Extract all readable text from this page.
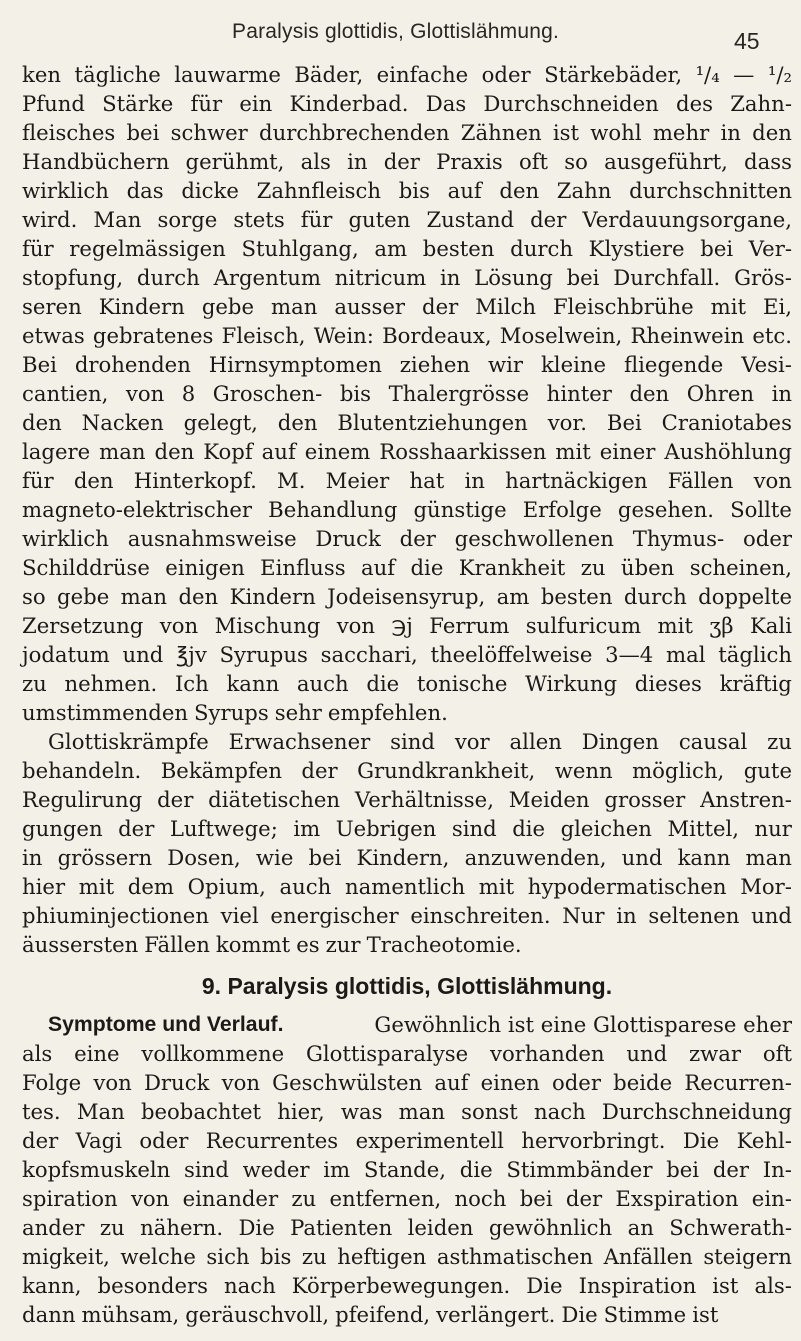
Paralysis glottidis, Glottislähmung.	45
ken tägliche lauwarme Bäder, einfache oder Stärkebäder, ¹/₄ — ¹/₂
Pfund Stärke für ein Kinderbad. Das Durchschneiden des Zahn-
fleisches bei schwer durchbrechenden Zähnen ist wohl mehr in den
Handbüchern gerühmt, als in der Praxis oft so ausgeführt, dass
wirklich das dicke Zahnfleisch bis auf den Zahn durchschnitten
wird. Man sorge stets für guten Zustand der Verdauungsorgane,
für regelmässigen Stuhlgang, am besten durch Klystiere bei Ver-
stopfung, durch Argentum nitricum in Lösung bei Durchfall. Grös-
seren Kindern gebe man ausser der Milch Fleischbrühe mit Ei,
etwas gebratenes Fleisch, Wein: Bordeaux, Moselwein, Rheinwein etc.
Bei drohenden Hirnsymptomen ziehen wir kleine fliegende Vesi-
cantien, von 8 Groschen- bis Thalergrösse hinter den Ohren in
den Nacken gelegt, den Blutentziehungen vor. Bei Craniotabes
lagere man den Kopf auf einem Rosshaarkissen mit einer Aushöhlung
für den Hinterkopf. M. Meier hat in hartnäckigen Fällen von
magneto-elektrischer Behandlung günstige Erfolge gesehen. Sollte
wirklich ausnahmsweise Druck der geschwollenen Thymus- oder
Schilddrüse einigen Einfluss auf die Krankheit zu üben scheinen,
so gebe man den Kindern Jodeisensyrup, am besten durch doppelte
Zersetzung von Mischung von ℈j Ferrum sulfuricum mit ʒβ Kali
jodatum und ℥jv Syrupus sacchari, theelöffelweise 3—4 mal täglich
zu nehmen. Ich kann auch die tonische Wirkung dieses kräftig
umstimmenden Syrups sehr empfehlen.
Glottiskrämpfe Erwachsener sind vor allen Dingen causal zu
behandeln. Bekämpfen der Grundkrankheit, wenn möglich, gute
Regulirung der diätetischen Verhältnisse, Meiden grosser Anstren-
gungen der Luftwege; im Uebrigen sind die gleichen Mittel, nur
in grössern Dosen, wie bei Kindern, anzuwenden, und kann man
hier mit dem Opium, auch namentlich mit hypodermatischen Mor-
phiuminjectionen viel energischer einschreiten. Nur in seltenen und
äussersten Fällen kommt es zur Tracheotomie.
9. Paralysis glottidis, Glottislähmung.
Symptome und Verlauf.	Gewöhnlich ist eine Glottisparese eher
als eine vollkommene Glottisparalyse vorhanden und zwar oft
Folge von Druck von Geschwülsten auf einen oder beide Recurren-
tes. Man beobachtet hier, was man sonst nach Durchschneidung
der Vagi oder Recurrentes experimentell hervorbringt. Die Kehl-
kopfsmuskeln sind weder im Stande, die Stimmbänder bei der In-
spiration von einander zu entfernen, noch bei der Exspiration ein-
ander zu nähern. Die Patienten leiden gewöhnlich an Schwerath-
migkeit, welche sich bis zu heftigen asthmatischen Anfällen steigern
kann, besonders nach Körperbewegungen. Die Inspiration ist als-
dann mühsam, geräuschvoll, pfeifend, verlängert. Die Stimme ist
